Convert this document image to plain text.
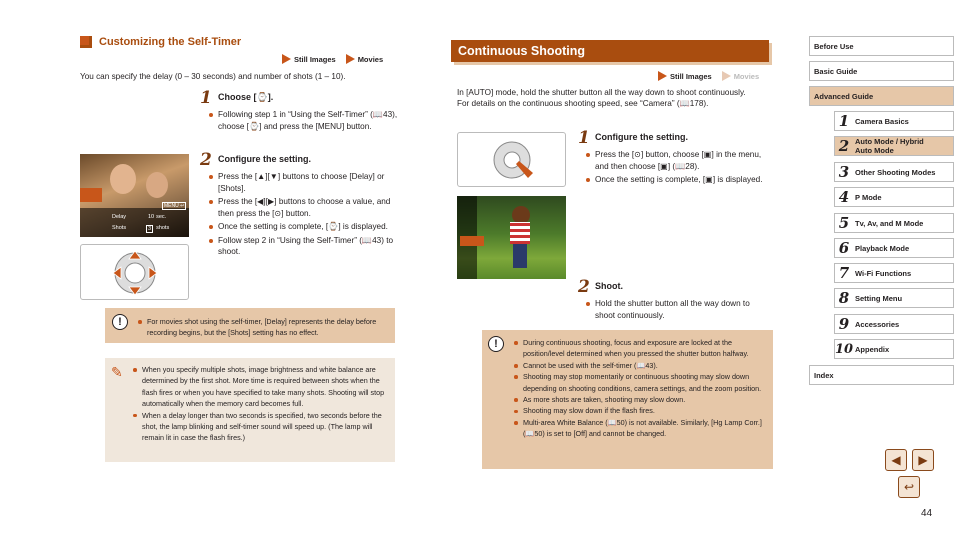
Customizing the Self-Timer
Still Images	Movies
You can specify the delay (0 – 30 seconds) and number of shots (1 – 10).
1 Choose [⁠⌚].
Following step 1 in “Using the Self-Timer” (📖43), choose [⌚] and press the [MENU] button.
2 Configure the setting.
Press the [▲][▼] buttons to choose [Delay] or [Shots].
Press the [◀][▶] buttons to choose a value, and then press the [⊙] button.
Once the setting is complete, [⌚] is displayed.
Follow step 2 in “Using the Self-Timer” (📖43) to shoot.
MENU ↩
Delay	10 sec.
Shots	3 shots
!	For movies shot using the self-timer, [Delay] represents the delay before recording begins, but the [Shots] setting has no effect.
✎	When you specify multiple shots, image brightness and white balance are determined by the first shot. More time is required between shots when the flash fires or when you have specified to take many shots. Shooting will stop automatically when the memory card becomes full.
When a delay longer than two seconds is specified, two seconds before the shot, the lamp blinking and self-timer sound will speed up. (The lamp will remain lit in case the flash fires.)
Continuous Shooting
Still Images	Movies
In [AUTO] mode, hold the shutter button all the way down to shoot continuously.
For details on the continuous shooting speed, see “Camera” (📖178).
1 Configure the setting.
Press the [⊙] button, choose [▣] in the menu, and then choose [▣] (📖28).
Once the setting is complete, [▣] is displayed.
2 Shoot.
Hold the shutter button all the way down to shoot continuously.
!	During continuous shooting, focus and exposure are locked at the position/level determined when you pressed the shutter button halfway.
Cannot be used with the self-timer (📖43).
Shooting may stop momentarily or continuous shooting may slow down depending on shooting conditions, camera settings, and the zoom position.
As more shots are taken, shooting may slow down.
Shooting may slow down if the flash fires.
Multi-area White Balance (📖50) is not available. Similarly, [Hg Lamp Corr.] (📖50) is set to [Off] and cannot be changed.
Before Use
Basic Guide
Advanced Guide
1 Camera Basics
2 Auto Mode / Hybrid Auto Mode
3 Other Shooting Modes
4 P Mode
5 Tv, Av, and M Mode
6 Playback Mode
7 Wi-Fi Functions
8 Setting Menu
9 Accessories
10 Appendix
Index
◀ ▶
↩
44
